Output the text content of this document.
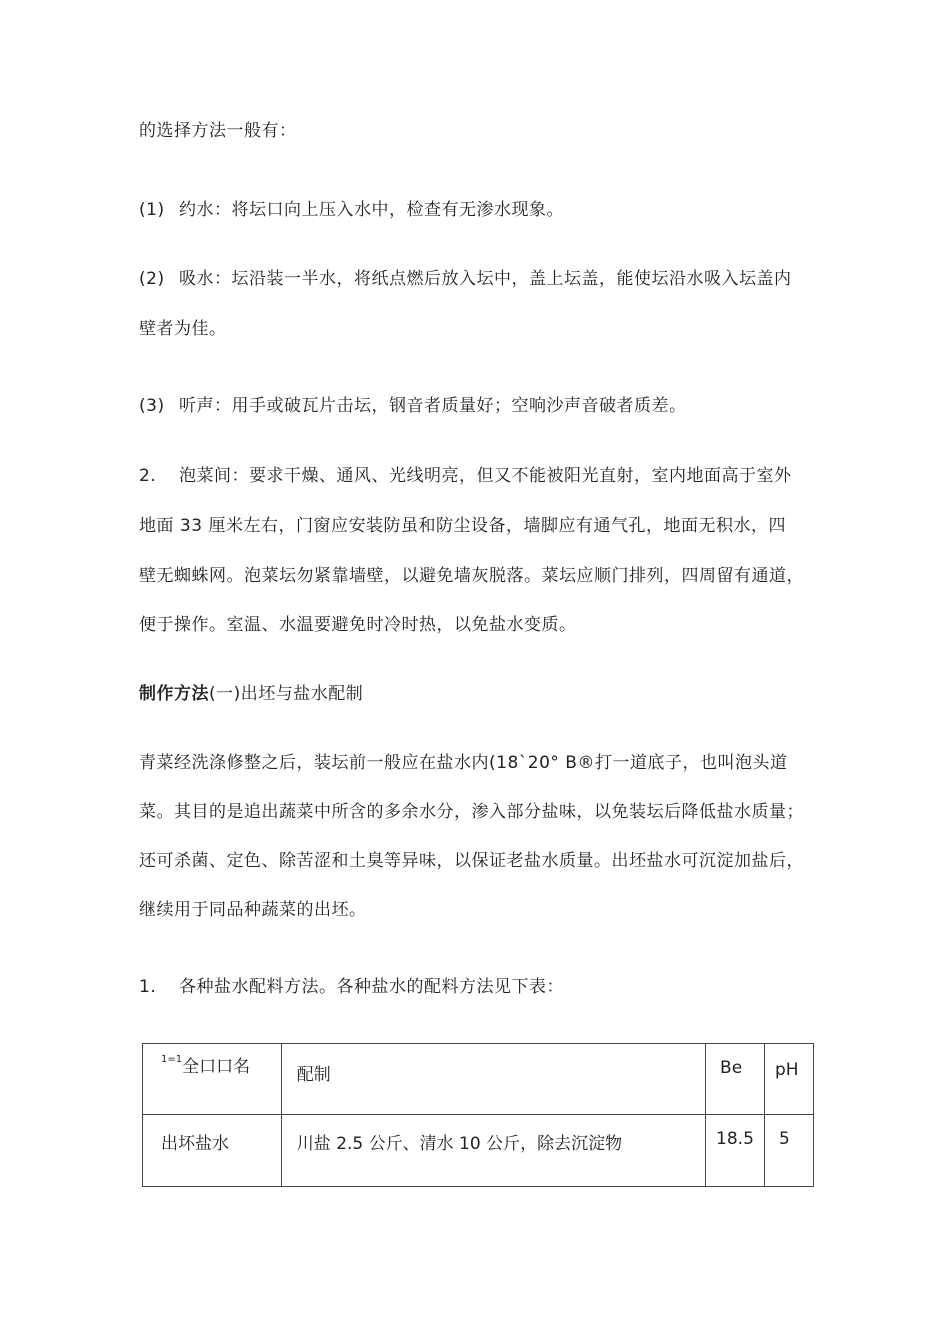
的选择方法一般有：
(1) 约水：将坛口向上压入水中，检查有无渗水现象。
(2) 吸水：坛沿装一半水，将纸点燃后放入坛中，盖上坛盖，能使坛沿水吸入坛盖内
壁者为佳。
(3) 听声：用手或破瓦片击坛，钢音者质量好；空响沙声音破者质差。
2. 泡菜间：要求干燥、通风、光线明亮，但又不能被阳光直射，室内地面高于室外
地面 33 厘米左右，门窗应安装防虽和防尘设备，墙脚应有通气孔，地面无积水，四
壁无蜘蛛网。泡菜坛勿紧靠墙壁，以避免墙灰脱落。菜坛应顺门排列，四周留有通道，
便于操作。室温、水温要避免时冷时热，以免盐水变质。
制作方法(一)出坯与盐水配制
青菜经洗涤修整之后，装坛前一般应在盐水内(18`20° B®打一道底子，也叫泡头道
菜。其目的是追出蔬菜中所含的多余水分，渗入部分盐味，以免装坛后降低盐水质量；
还可杀菌、定色、除苦涩和土臭等异味，以保证老盐水质量。出坯盐水可沉淀加盐后，
继续用于同品种蔬菜的出坯。
1. 各种盐水配料方法。各种盐水的配料方法见下表：
$^{1=1}$全口口名	配制	Be	pH

出坏盐水	川盐 2.5 公斤、清水 10 公斤，除去沉淀物	18.5	5
